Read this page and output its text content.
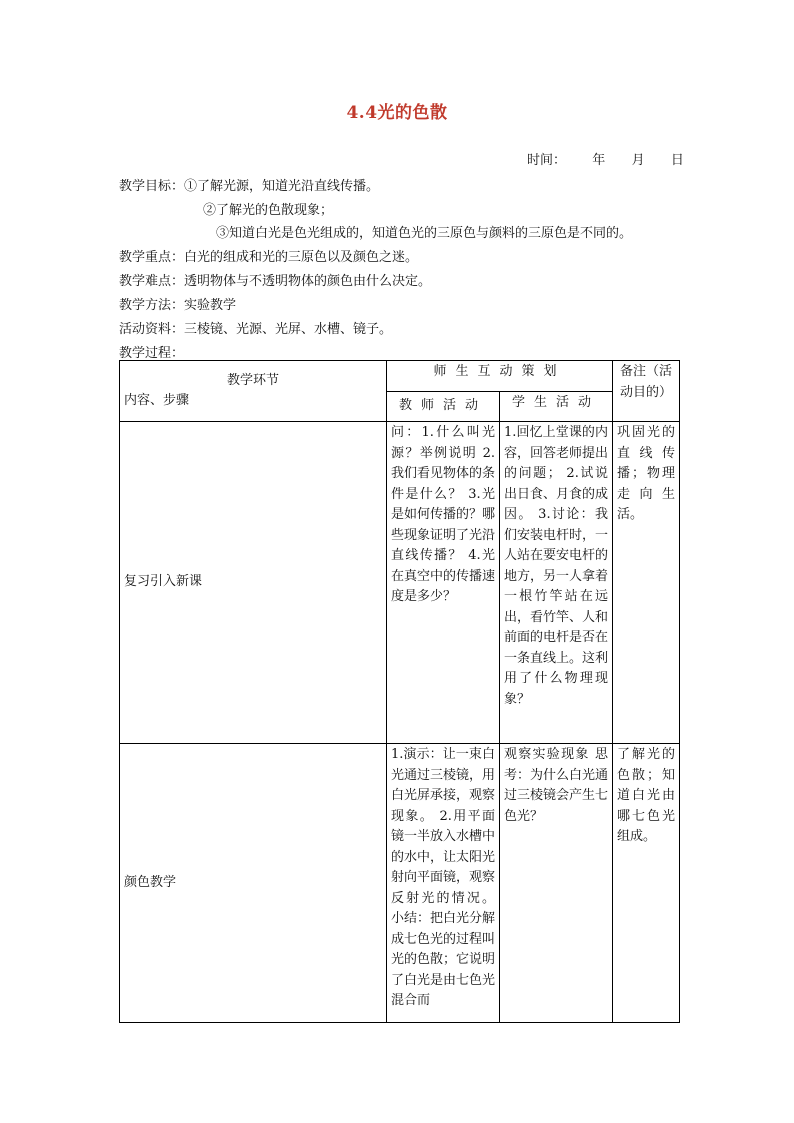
4.4光的色散
时间： 年 月 日
教学目标：①了解光源，知道光沿直线传播。
②了解光的色散现象；
③知道白光是色光组成的，知道色光的三原色与颜料的三原色是不同的。
教学重点：白光的组成和光的三原色以及颜色之迷。
教学难点：透明物体与不透明物体的颜色由什么决定。
教学方法：实验教学
活动资料：三棱镜、光源、光屏、水槽、镜子。
教学过程：
教学环节
内容、步骤	师生互动策划		备注（活动目的）
	教师活动	学生活动	
复习引入新课	问：1.什么叫光源？举例说明 2.我们看见物体的条件是什么？ 3.光是如何传播的？哪些现象证明了光沿直线传播？ 4.光在真空中的传播速度是多少？	1.回忆上堂课的内容，回答老师提出的问题； 2.试说出日食、月食的成因。 3.讨论：我们安装电杆时，一人站在要安电杆的地方，另一人拿着一根竹竿站在远出，看竹竿、人和前面的电杆是否在一条直线上。这利用了什么物理现象？	巩固光的直线传播；物理走向生活。
颜色教学	1.演示：让一束白光通过三棱镜，用白光屏承接，观察现象。 2.用平面镜一半放入水槽中的水中，让太阳光射向平面镜，观察反射光的情况。 小结：把白光分解成七色光的过程叫光的色散；它说明了白光是由七色光混合而	观察实验现象 思考：为什么白光通过三棱镜会产生七色光？	了解光的色散；知道白光由哪七色光组成。
